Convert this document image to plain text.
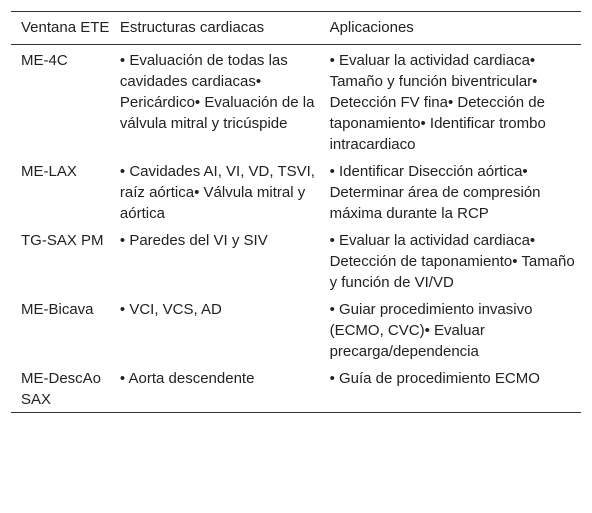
Ventana ETE	Estructuras cardiacas	Aplicaciones

ME-4C	• Evaluación de todas las cavidades cardiacas• Pericárdico• Evaluación de la válvula mitral y tricúspide	• Evaluar la actividad cardiaca• Tamaño y función biventricular• Detección FV fina• Detección de taponamiento• Identificar trombo intracardiaco

ME-LAX	• Cavidades AI, VI, VD, TSVI, raíz aórtica• Válvula mitral y aórtica	• Identificar Disección aórtica• Determinar área de compresión máxima durante la RCP

TG-SAX PM	• Paredes del VI y SIV	• Evaluar la actividad cardiaca• Detección de taponamiento• Tamaño y función de VI/VD

ME-Bicava	• VCI, VCS, AD	• Guiar procedimiento invasivo (ECMO, CVC)• Evaluar precarga/dependencia

ME-DescAo SAX	• Aorta descendente	• Guía de procedimiento ECMO
